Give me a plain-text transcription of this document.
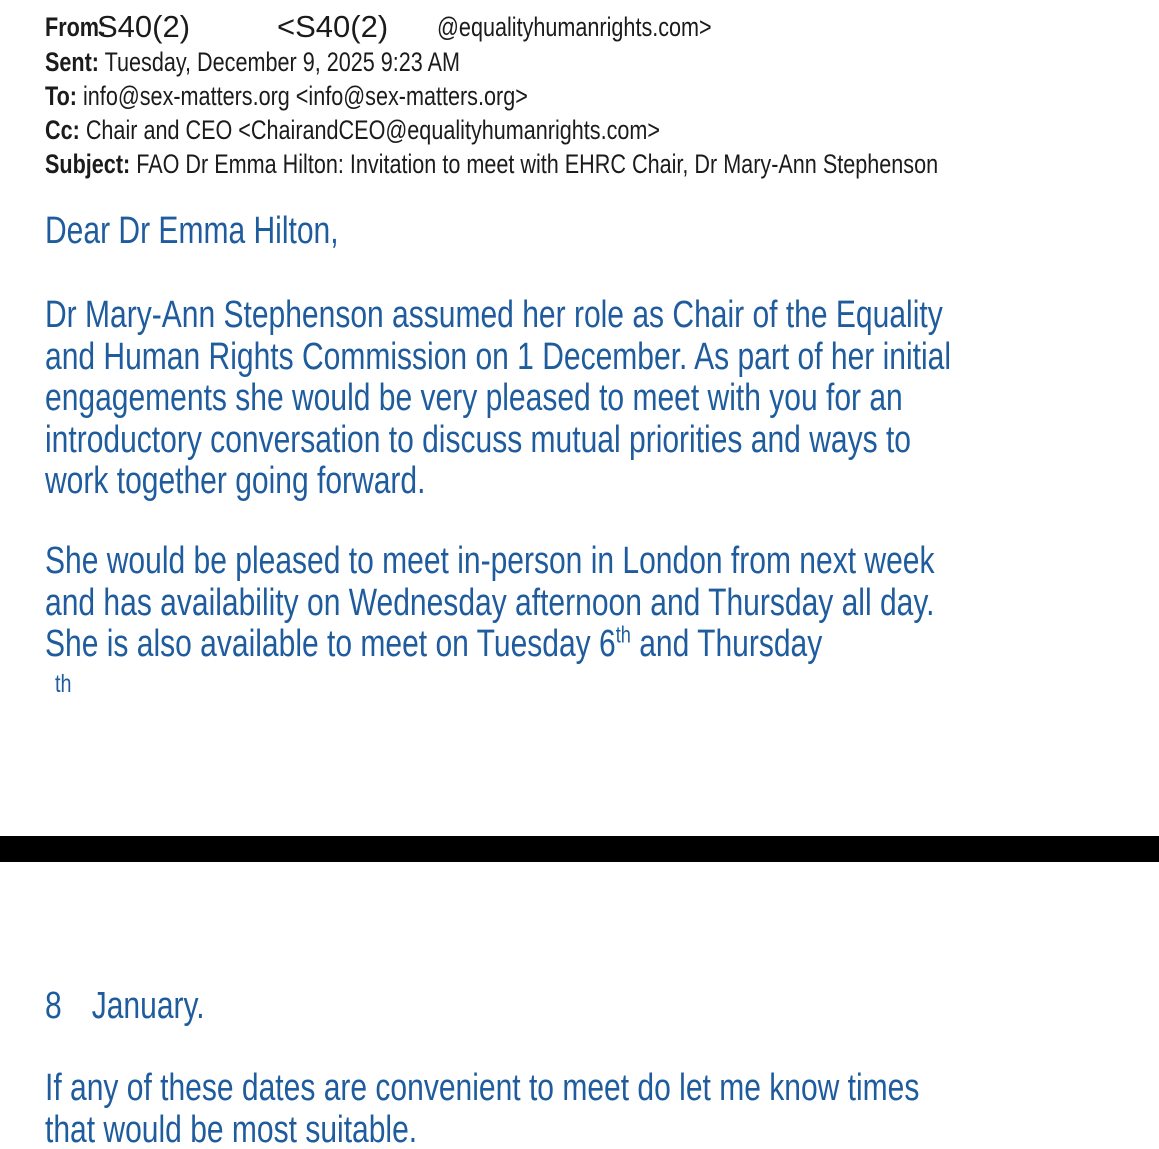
From:
S40(2)	<S40(2) @equalityhumanrights.com>
Sent: Tuesday, December 9, 2025 9:23 AM
To: info@sex-matters.org <info@sex-matters.org>
Cc: Chair and CEO <ChairandCEO@equalityhumanrights.com>
Subject: FAO Dr Emma Hilton: Invitation to meet with EHRC Chair, Dr Mary-Ann Stephenson
Dear Dr Emma Hilton,
Dr Mary-Ann Stephenson assumed her role as Chair of the Equality
and Human Rights Commission on 1 December. As part of her initial
engagements she would be very pleased to meet with you for an
introductory conversation to discuss mutual priorities and ways to
work together going forward.
She would be pleased to meet in-person in London from next week
and has availability on Wednesday afternoon and Thursday all day.
She is also available to meet on Tuesday 6th and Thursday
th
8 January.
If any of these dates are convenient to meet do let me know times
that would be most suitable.
